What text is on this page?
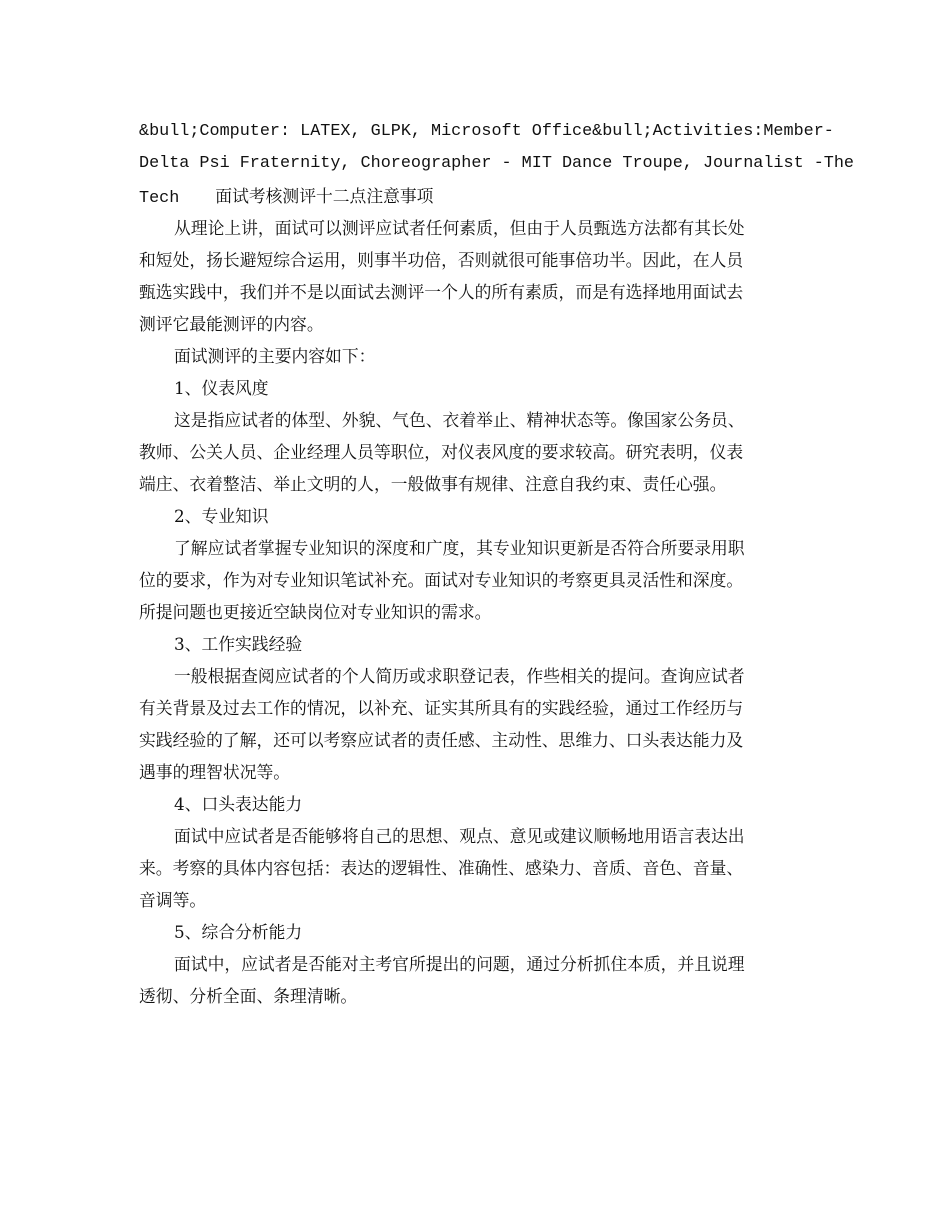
&bull;Computer: LATEX, GLPK, Microsoft Office&bull;Activities:Member-
Delta Psi Fraternity, Choreographer - MIT Dance Troupe, Journalist -The
Tech 面试考核测评十二点注意事项
从理论上讲，面试可以测评应试者任何素质，但由于人员甄选方法都有其长处
和短处，扬长避短综合运用，则事半功倍，否则就很可能事倍功半。因此，在人员
甄选实践中，我们并不是以面试去测评一个人的所有素质，而是有选择地用面试去
测评它最能测评的内容。
面试测评的主要内容如下：
1、仪表风度
这是指应试者的体型、外貌、气色、衣着举止、精神状态等。像国家公务员、
教师、公关人员、企业经理人员等职位，对仪表风度的要求较高。研究表明，仪表
端庄、衣着整洁、举止文明的人，一般做事有规律、注意自我约束、责任心强。
2、专业知识
了解应试者掌握专业知识的深度和广度，其专业知识更新是否符合所要录用职
位的要求，作为对专业知识笔试补充。面试对专业知识的考察更具灵活性和深度。
所提问题也更接近空缺岗位对专业知识的需求。
3、工作实践经验
一般根据查阅应试者的个人简历或求职登记表，作些相关的提问。查询应试者
有关背景及过去工作的情况，以补充、证实其所具有的实践经验，通过工作经历与
实践经验的了解，还可以考察应试者的责任感、主动性、思维力、口头表达能力及
遇事的理智状况等。
4、口头表达能力
面试中应试者是否能够将自己的思想、观点、意见或建议顺畅地用语言表达出
来。考察的具体内容包括：表达的逻辑性、准确性、感染力、音质、音色、音量、
音调等。
5、综合分析能力
面试中，应试者是否能对主考官所提出的问题，通过分析抓住本质，并且说理
透彻、分析全面、条理清晰。
